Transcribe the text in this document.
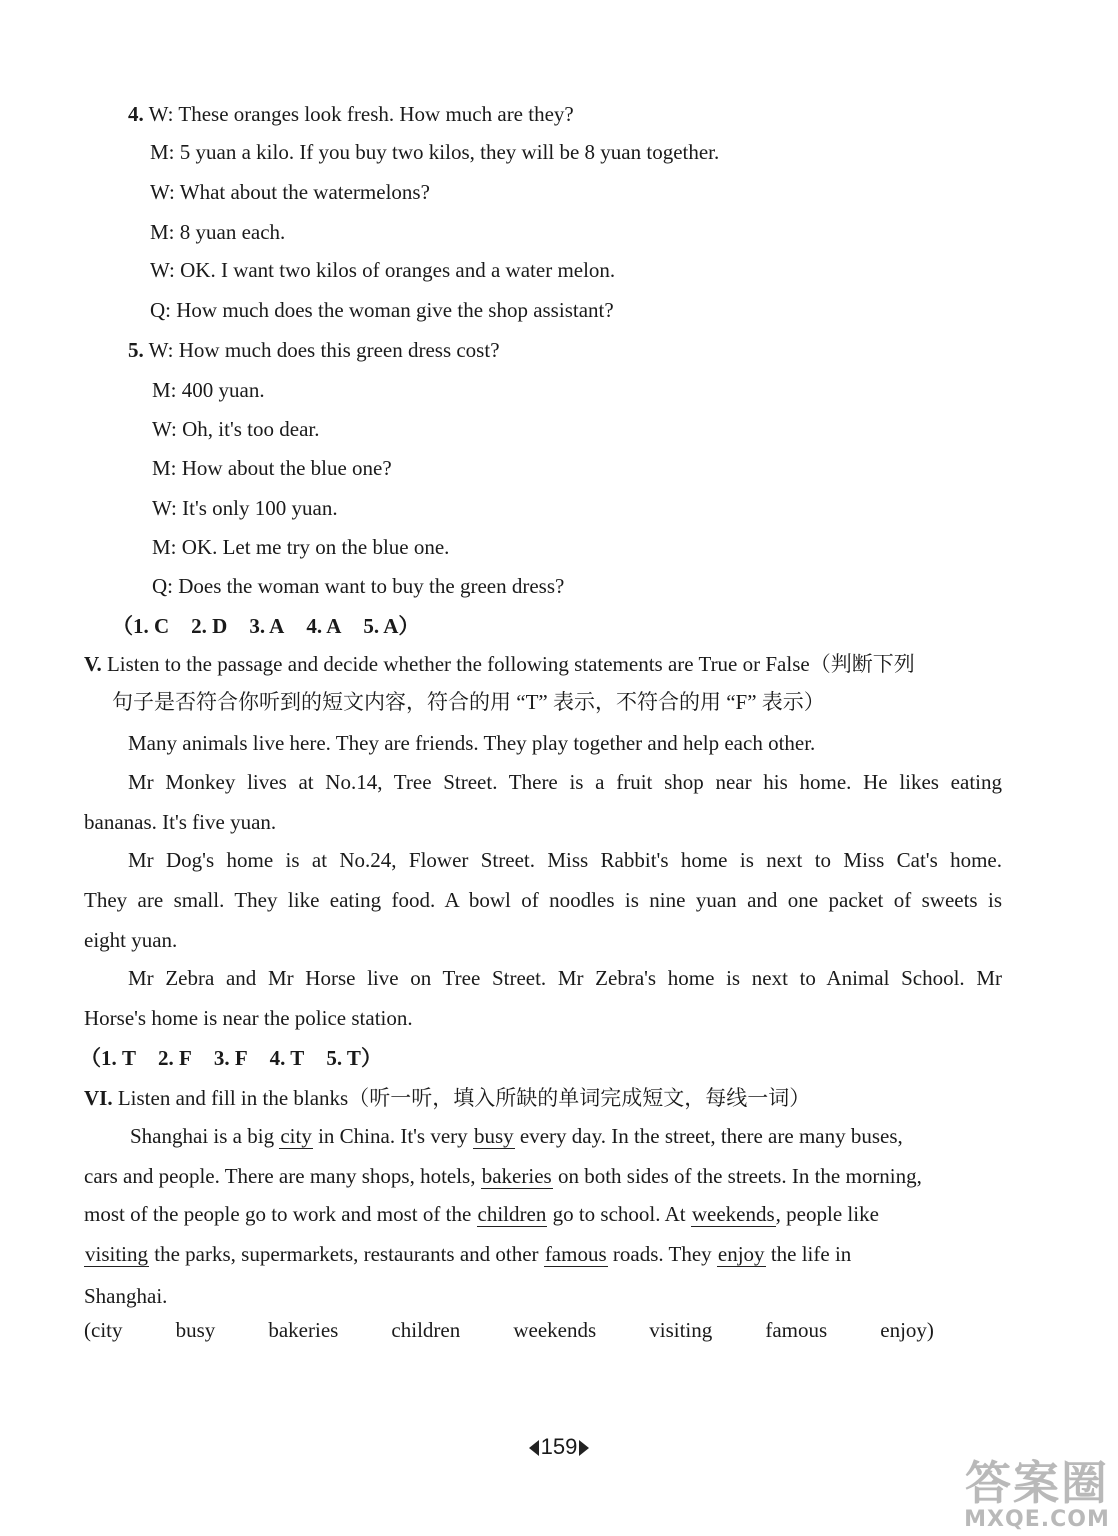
4. W: These oranges look fresh. How much are they?
M: 5 yuan a kilo. If you buy two kilos, they will be 8 yuan together.
W: What about the watermelons?
M: 8 yuan each.
W: OK. I want two kilos of oranges and a water melon.
Q: How much does the woman give the shop assistant?
5. W: How much does this green dress cost?
M: 400 yuan.
W: Oh, it's too dear.
M: How about the blue one?
W: It's only 100 yuan.
M: OK. Let me try on the blue one.
Q: Does the woman want to buy the green dress?
（1. C 2. D 3. A 4. A 5. A）
V. Listen to the passage and decide whether the following statements are True or False（判断下列
句子是否符合你听到的短文内容，符合的用 “T” 表示，不符合的用 “F” 表示）
Many animals live here. They are friends. They play together and help each other.
Mr Monkey lives at No.14, Tree Street. There is a fruit shop near his home. He likes eating
bananas. It's five yuan.
Mr Dog's home is at No.24, Flower Street. Miss Rabbit's home is next to Miss Cat's home.
They are small. They like eating food. A bowl of noodles is nine yuan and one packet of sweets is
eight yuan.
Mr Zebra and Mr Horse live on Tree Street. Mr Zebra's home is next to Animal School. Mr
Horse's home is near the police station.
（1. T 2. F 3. F 4. T 5. T）
VI. Listen and fill in the blanks（听一听，填入所缺的单词完成短文，每线一词）
Shanghai is a big city in China. It's very busy every day. In the street, there are many buses,
cars and people. There are many shops, hotels, bakeries on both sides of the streets. In the morning,
most of the people go to work and most of the children go to school. At weekends, people like
visiting the parks, supermarkets, restaurants and other famous roads. They enjoy the life in
Shanghai.
(city	busy	bakeries	children	weekends	visiting	famous	enjoy)
159
答案圈
MXQE.COM
